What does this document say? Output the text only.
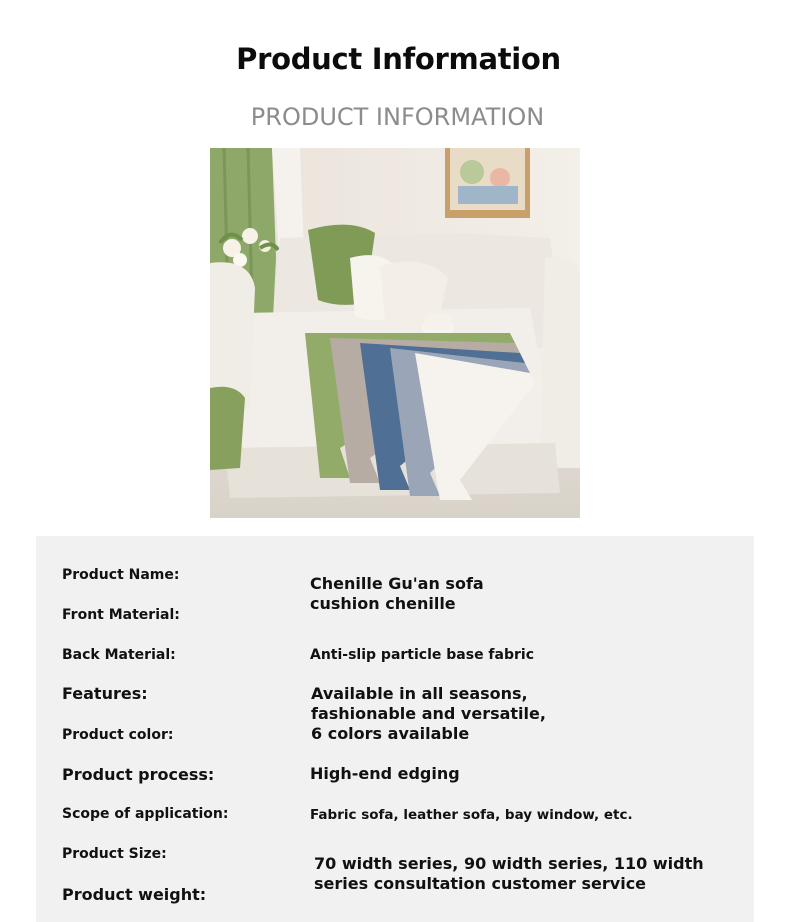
Product Information
PRODUCT INFORMATION
Product Name:
Front Material:
Back Material:
Features:
Product color:
Product process:
Scope of application:
Product Size:
Product weight:
Chenille Gu'an sofa
cushion chenille
Anti-slip particle base fabric
Available in all seasons,
fashionable and versatile,
6 colors available
High-end edging
Fabric sofa, leather sofa, bay window, etc.
70 width series, 90 width series, 110 width
series consultation customer service
